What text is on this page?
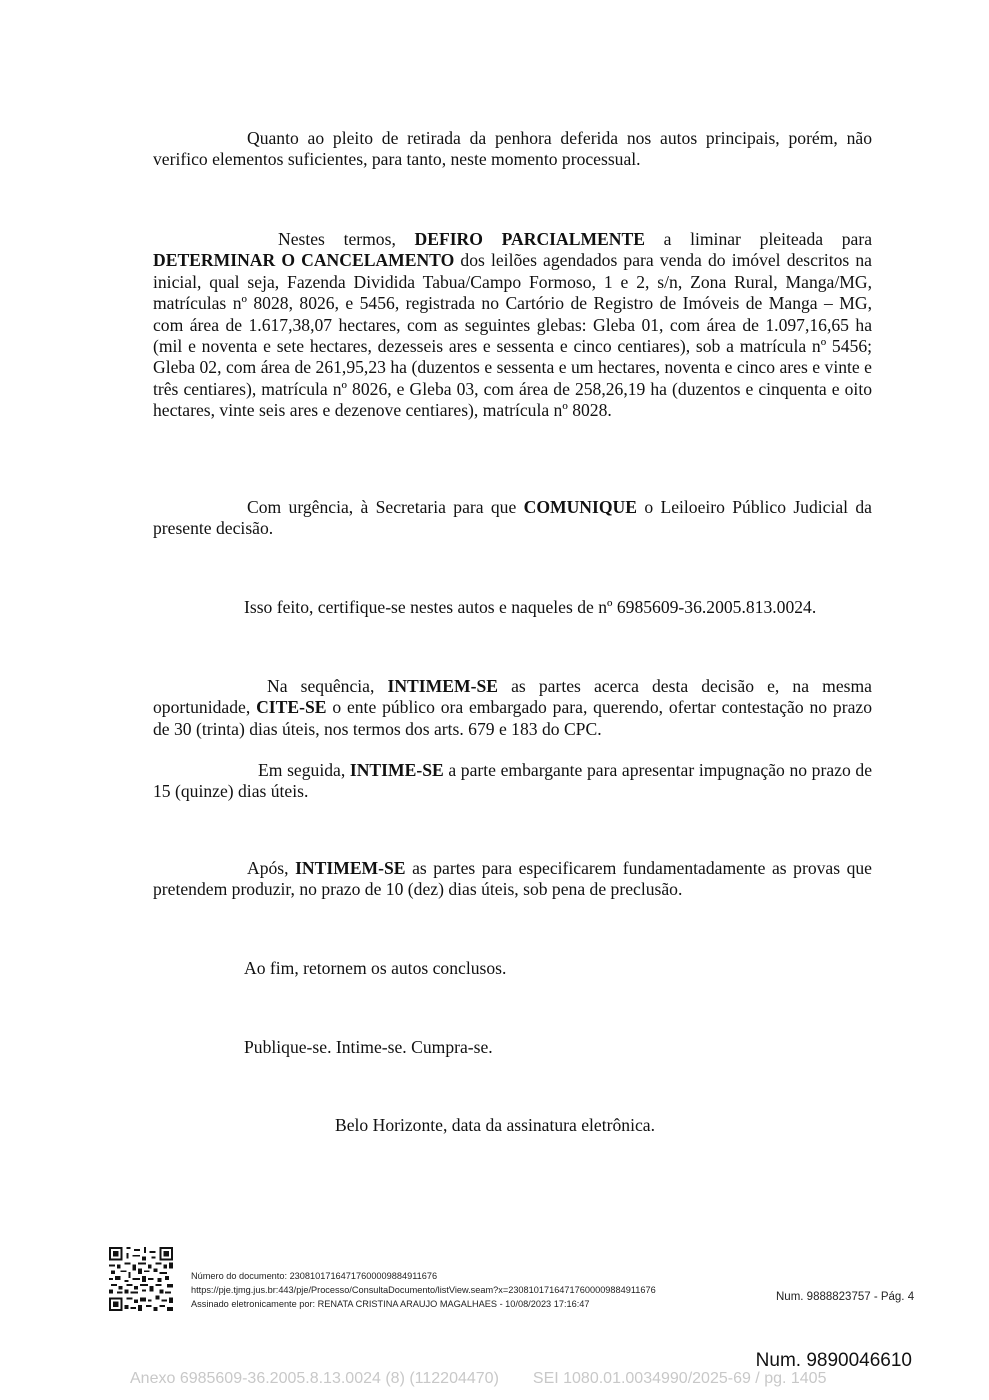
Quanto ao pleito de retirada da penhora deferida nos autos principais, porém, não verifico elementos suficientes, para tanto, neste momento processual.

Nestes termos, DEFIRO PARCIALMENTE a liminar pleiteada para DETERMINAR O CANCELAMENTO dos leilões agendados para venda do imóvel descritos na inicial, qual seja, Fazenda Dividida Tabua/Campo Formoso, 1 e 2, s/n, Zona Rural, Manga/MG, matrículas nº 8028, 8026, e 5456, registrada no Cartório de Registro de Imóveis de Manga – MG, com área de 1.617,38,07 hectares, com as seguintes glebas: Gleba 01, com área de 1.097,16,65 ha (mil e noventa e sete hectares, dezesseis ares e sessenta e cinco centiares), sob a matrícula nº 5456; Gleba 02, com área de 261,95,23 ha (duzentos e sessenta e um hectares, noventa e cinco ares e vinte e três centiares), matrícula nº 8026, e Gleba 03, com área de 258,26,19 ha (duzentos e cinquenta e oito hectares, vinte seis ares e dezenove centiares), matrícula nº 8028.

Com urgência, à Secretaria para que COMUNIQUE o Leiloeiro Público Judicial da presente decisão.

Isso feito, certifique-se nestes autos e naqueles de nº 6985609-36.2005.813.0024.

Na sequência, INTIMEM-SE as partes acerca desta decisão e, na mesma oportunidade, CITE-SE o ente público ora embargado para, querendo, ofertar contestação no prazo de 30 (trinta) dias úteis, nos termos dos arts. 679 e 183 do CPC.

Em seguida, INTIME-SE a parte embargante para apresentar impugnação no prazo de 15 (quinze) dias úteis.

Após, INTIMEM-SE as partes para especificarem fundamentadamente as provas que pretendem produzir, no prazo de 10 (dez) dias úteis, sob pena de preclusão.

Ao fim, retornem os autos conclusos.

Publique-se. Intime-se. Cumpra-se.

Belo Horizonte, data da assinatura eletrônica.

Número do documento: 23081017164717600009884911676
https://pje.tjmg.jus.br:443/pje/Processo/ConsultaDocumento/listView.seam?x=23081017164717600009884911676
Assinado eletronicamente por: RENATA CRISTINA ARAUJO MAGALHAES - 10/08/2023 17:16:47
Num. 9888823757 - Pág. 4
Num. 9890046610
Anexo 6985609-36.2005.8.13.0024 (8) (112204470) SEI 1080.01.0034990/2025-69 / pg. 1405
